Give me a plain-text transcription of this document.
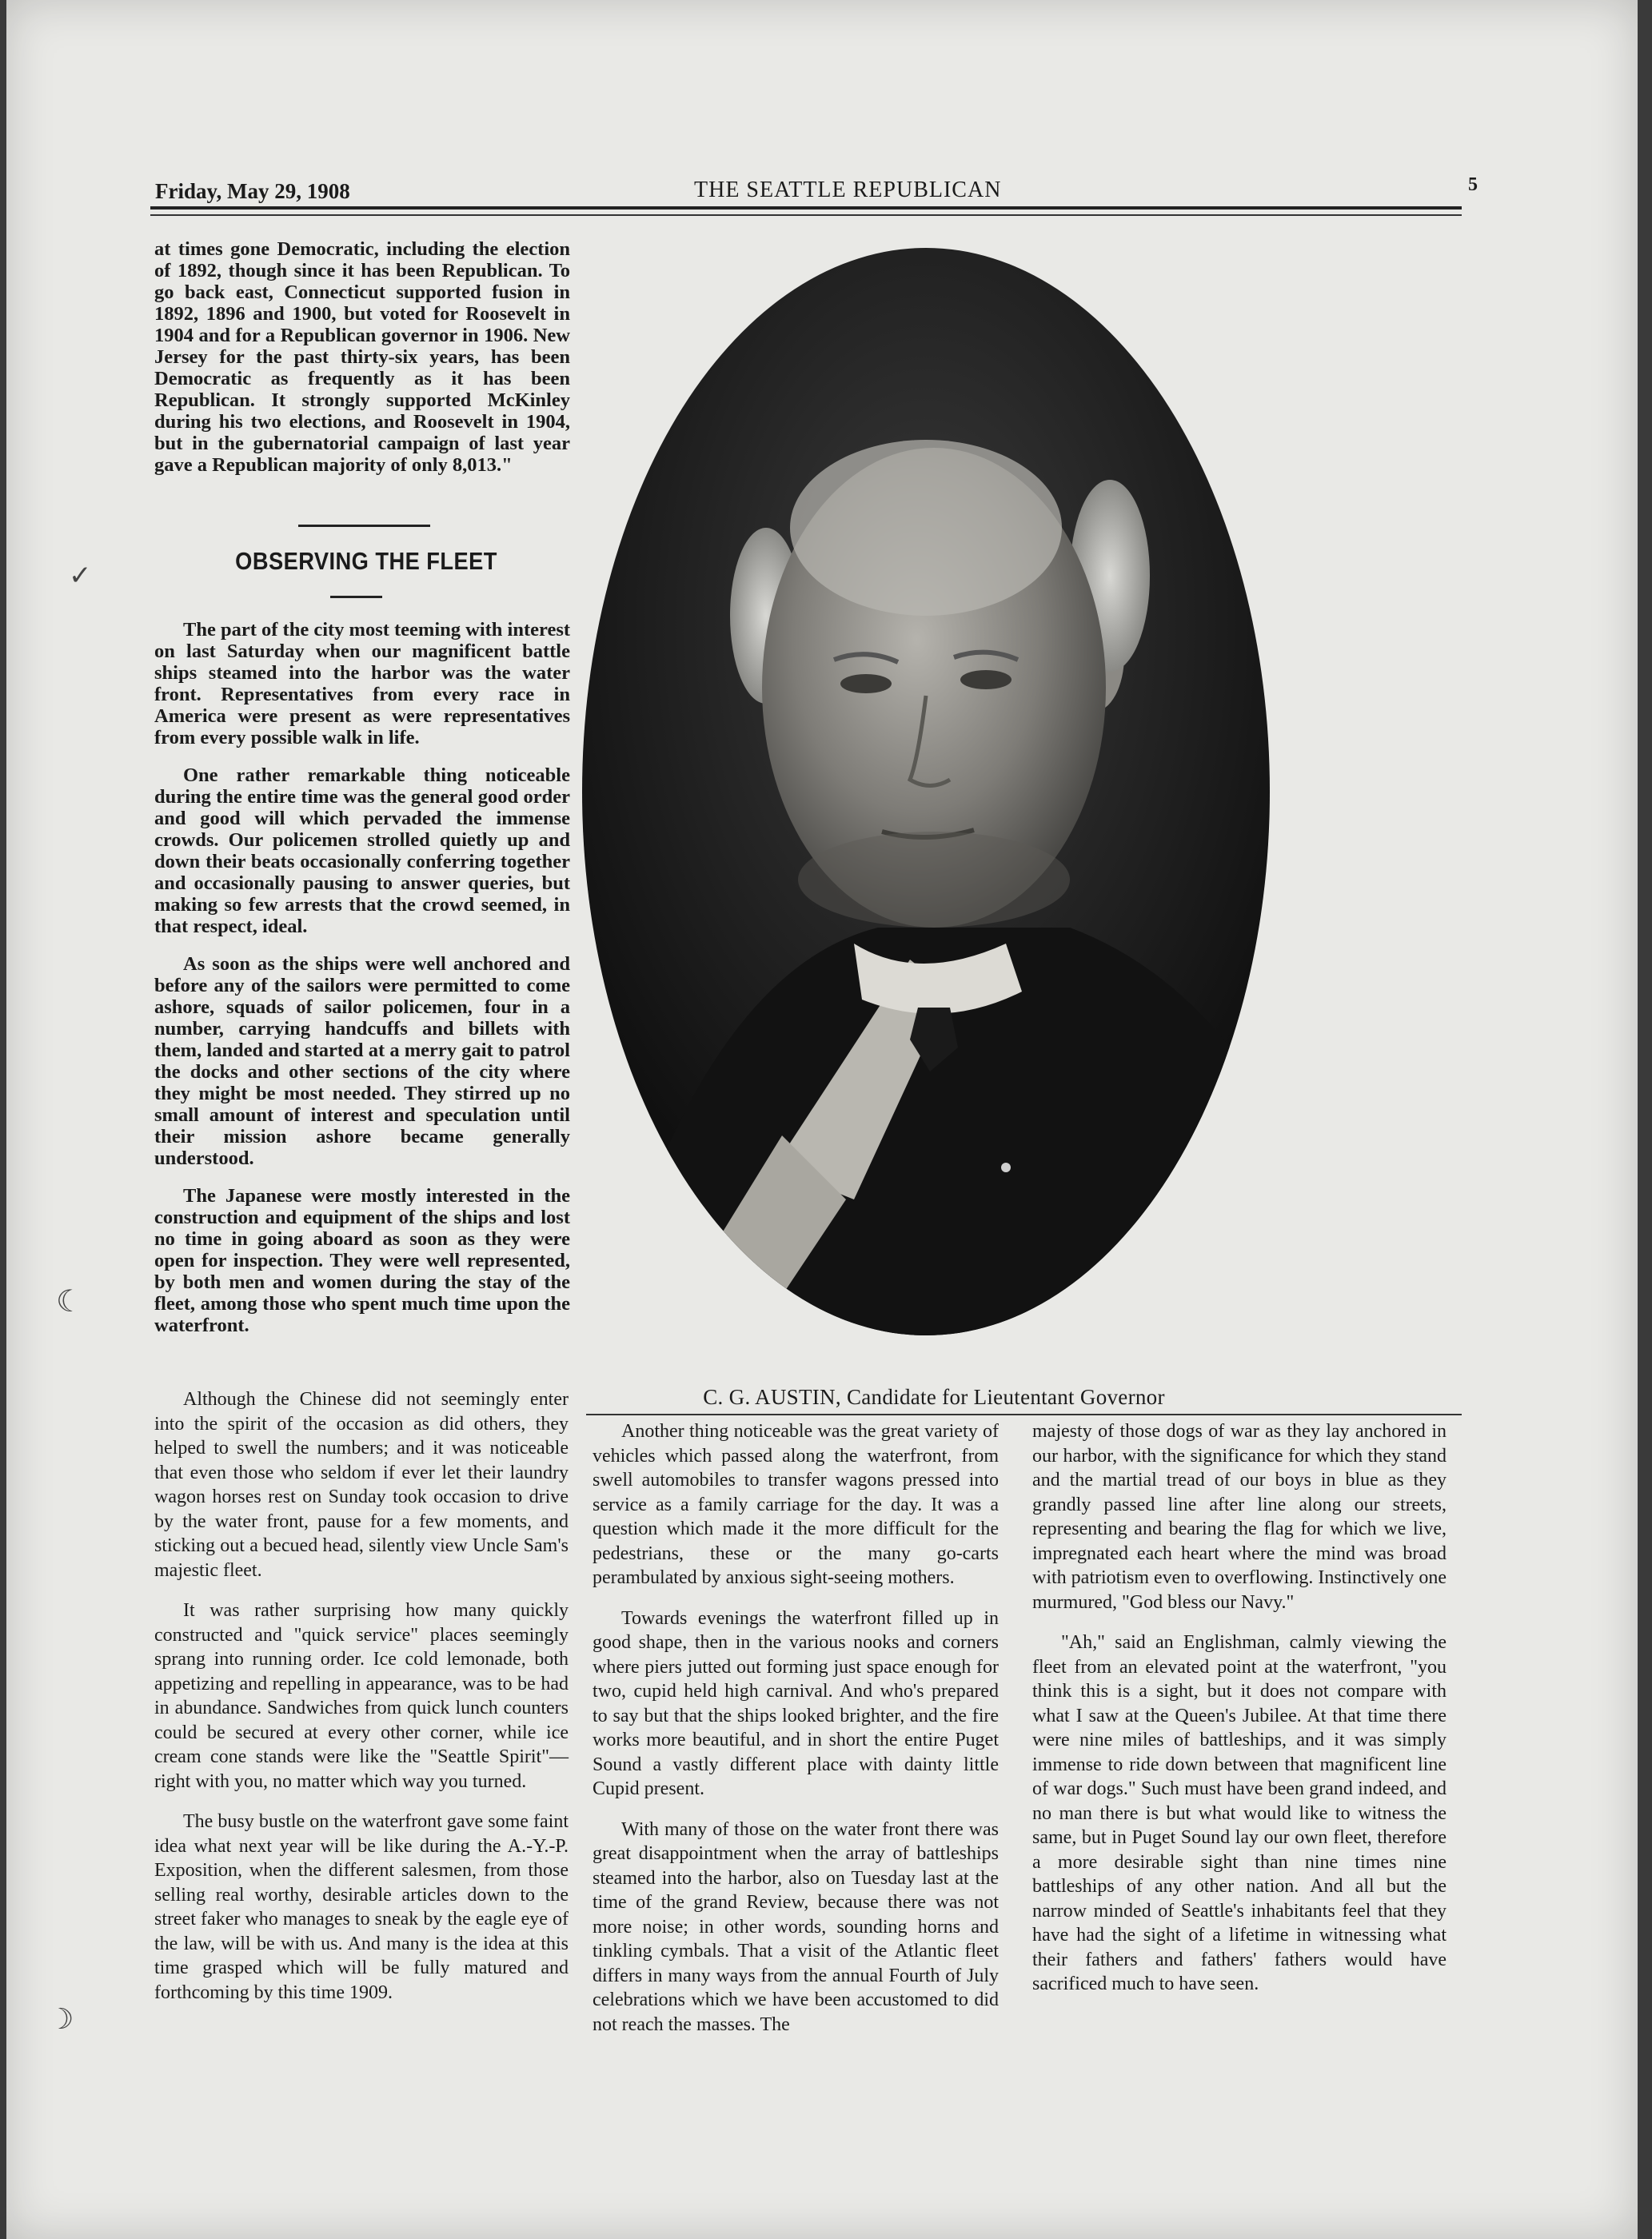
Friday, May 29, 1908	THE SEATTLE REPUBLICAN	5

at times gone Democratic, including the election of 1892, though since it has been Republican. To go back east, Connecticut supported fusion in 1892, 1896 and 1900, but voted for Roosevelt in 1904 and for a Republican governor in 1906. New Jersey for the past thirty-six years, has been Democratic as frequently as it has been Republican. It strongly supported McKinley during his two elections, and Roosevelt in 1904, but in the gubernatorial campaign of last year gave a Republican majority of only 8,013."

OBSERVING THE FLEET

The part of the city most teeming with interest on last Saturday when our magnificent battle ships steamed into the harbor was the water front. Representatives from every race in America were present as were representatives from every possible walk in life.

One rather remarkable thing noticeable during the entire time was the general good order and good will which pervaded the immense crowds. Our policemen strolled quietly up and down their beats occasionally conferring together and occasionally pausing to answer queries, but making so few arrests that the crowd seemed, in that respect, ideal.

As soon as the ships were well anchored and before any of the sailors were permitted to come ashore, squads of sailor policemen, four in a number, carrying handcuffs and billets with them, landed and started at a merry gait to patrol the docks and other sections of the city where they might be most needed. They stirred up no small amount of interest and speculation until their mission ashore became generally understood.

The Japanese were mostly interested in the construction and equipment of the ships and lost no time in going aboard as soon as they were open for inspection. They were well represented, by both men and women during the stay of the fleet, among those who spent much time upon the waterfront.

C. G. AUSTIN, Candidate for Lieutentant Governor

Although the Chinese did not seemingly enter into the spirit of the occasion as did others, they helped to swell the numbers; and it was noticeable that even those who seldom if ever let their laundry wagon horses rest on Sunday took occasion to drive by the water front, pause for a few moments, and sticking out a becued head, silently view Uncle Sam's majestic fleet.

It was rather surprising how many quickly constructed and "quick service" places seemingly sprang into running order. Ice cold lemonade, both appetizing and repelling in appearance, was to be had in abundance. Sandwiches from quick lunch counters could be secured at every other corner, while ice cream cone stands were like the "Seattle Spirit"—right with you, no matter which way you turned.

The busy bustle on the waterfront gave some faint idea what next year will be like during the A.-Y.-P. Exposition, when the different salesmen, from those selling real worthy, desirable articles down to the street faker who manages to sneak by the eagle eye of the law, will be with us. And many is the idea at this time grasped which will be fully matured and forthcoming by this time 1909.

Another thing noticeable was the great variety of vehicles which passed along the waterfront, from swell automobiles to transfer wagons pressed into service as a family carriage for the day. It was a question which made it the more difficult for the pedestrians, these or the many go-carts perambulated by anxious sight-seeing mothers.

Towards evenings the waterfront filled up in good shape, then in the various nooks and corners where piers jutted out forming just space enough for two, cupid held high carnival. And who's prepared to say but that the ships looked brighter, and the fire works more beautiful, and in short the entire Puget Sound a vastly different place with dainty little Cupid present.

With many of those on the water front there was great disappointment when the array of battleships steamed into the harbor, also on Tuesday last at the time of the grand Review, because there was not more noise; in other words, sounding horns and tinkling cymbals. That a visit of the Atlantic fleet differs in many ways from the annual Fourth of July celebrations which we have been accustomed to did not reach the masses. The

majesty of those dogs of war as they lay anchored in our harbor, with the significance for which they stand and the martial tread of our boys in blue as they grandly passed line after line along our streets, representing and bearing the flag for which we live, impregnated each heart where the mind was broad with patriotism even to overflowing. Instinctively one murmured, "God bless our Navy."

"Ah," said an Englishman, calmly viewing the fleet from an elevated point at the waterfront, "you think this is a sight, but it does not compare with what I saw at the Queen's Jubilee. At that time there were nine miles of battleships, and it was simply immense to ride down between that magnificent line of war dogs." Such must have been grand indeed, and no man there is but what would like to witness the same, but in Puget Sound lay our own fleet, therefore a more desirable sight than nine times nine battleships of any other nation. And all but the narrow minded of Seattle's inhabitants feel that they have had the sight of a lifetime in witnessing what their fathers and fathers' fathers would have sacrificed much to have seen.

✓
☾
☽
